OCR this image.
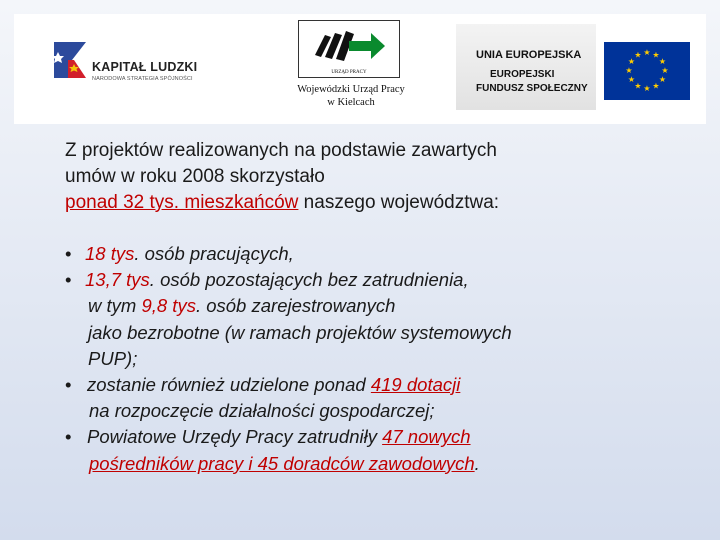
KAPITAŁ LUDZKI
NARODOWA STRATEGIA SPÓJNOŚCI
URZĄD PRACY
Wojewódzki Urząd Pracy
w Kielcach
UNIA EUROPEJSKA
EUROPEJSKI
FUNDUSZ SPOŁECZNY
★ ★
★
★
★
★
★
★
★
★
★
★

Z projektów realizowanych na podstawie zawartych

umów w roku 2008 skorzystało

ponad 32 tys. mieszkańców naszego województwa:

• 18 tys. osób pracujących,
• 13,7 tys. osób pozostających bez zatrudnienia,
w tym 9,8 tys. osób zarejestrowanych
jako bezrobotne (w ramach projektów systemowych
PUP);
• zostanie również udzielone ponad 419 dotacji
na rozpoczęcie działalności gospodarczej;
• Powiatowe Urzędy Pracy zatrudniły 47 nowych
pośredników pracy i 45 doradców zawodowych.
